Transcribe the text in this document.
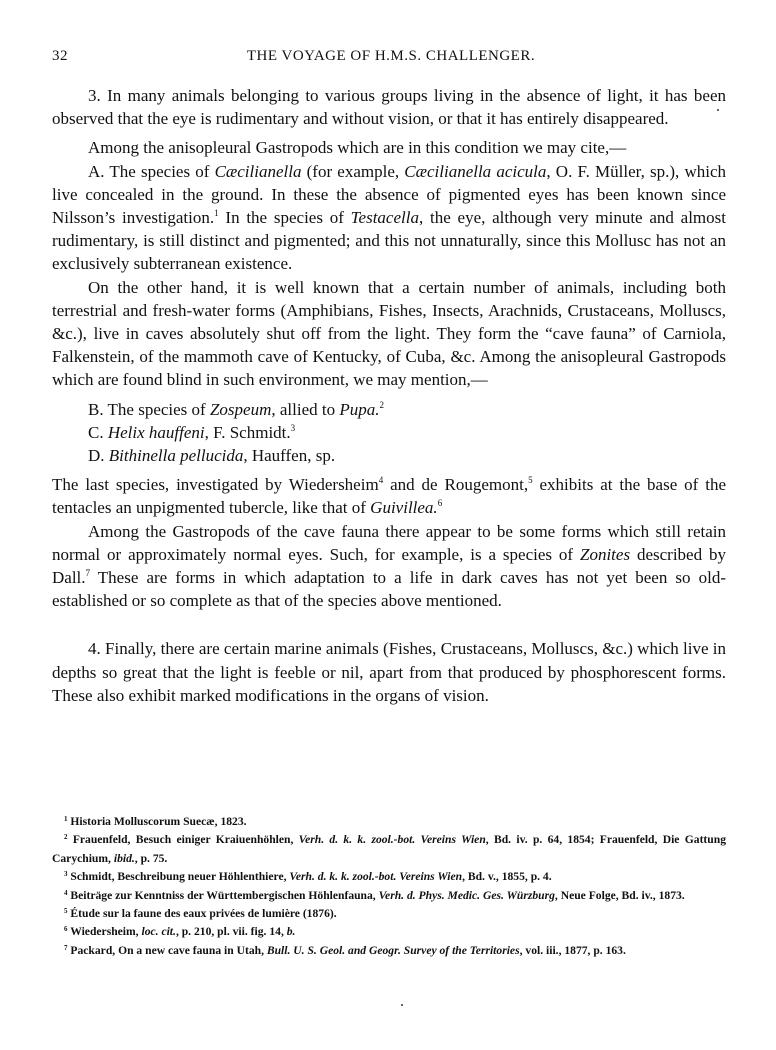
32	THE VOYAGE OF H.M.S. CHALLENGER.

3. In many animals belonging to various groups living in the absence of light, it has been observed that the eye is rudimentary and without vision, or that it has entirely disappeared.

Among the anisopleural Gastropods which are in this condition we may cite,—

A. The species of Cæcilianella (for example, Cæcilianella acicula, O. F. Müller, sp.), which live concealed in the ground. In these the absence of pigmented eyes has been known since Nilsson’s investigation.$^1$ In the species of Testacella, the eye, although very minute and almost rudimentary, is still distinct and pigmented; and this not unnaturally, since this Mollusc has not an exclusively subterranean existence.

On the other hand, it is well known that a certain number of animals, including both terrestrial and fresh-water forms (Amphibians, Fishes, Insects, Arachnids, Crustaceans, Molluscs, &c.), live in caves absolutely shut off from the light. They form the “cave fauna” of Carniola, Falkenstein, of the mammoth cave of Kentucky, of Cuba, &c. Among the anisopleural Gastropods which are found blind in such environment, we may mention,—

B. The species of Zospeum, allied to Pupa.$^2$

C. Helix hauffeni, F. Schmidt.$^3$

D. Bithinella pellucida, Hauffen, sp.

The last species, investigated by Wiedersheim$^4$ and de Rougemont,$^5$ exhibits at the base of the tentacles an unpigmented tubercle, like that of Guivillea.$^6$

Among the Gastropods of the cave fauna there appear to be some forms which still retain normal or approximately normal eyes. Such, for example, is a species of Zonites described by Dall.$^7$ These are forms in which adaptation to a life in dark caves has not yet been so old-established or so complete as that of the species above mentioned.

4. Finally, there are certain marine animals (Fishes, Crustaceans, Molluscs, &c.) which live in depths so great that the light is feeble or nil, apart from that produced by phosphorescent forms. These also exhibit marked modifications in the organs of vision.

$^1$ Historia Molluscorum Suecæ, 1823.

$^2$ Frauenfeld, Besuch einiger Kraiuenhöhlen, Verh. d. k. k. zool.-bot. Vereins Wien, Bd. iv. p. 64, 1854; Frauenfeld, Die Gattung Carychium, ibid., p. 75.

$^3$ Schmidt, Beschreibung neuer Höhlenthiere, Verh. d. k. k. zool.-bot. Vereins Wien, Bd. v., 1855, p. 4.

$^4$ Beiträge zur Kenntniss der Württembergischen Höhlenfauna, Verh. d. Phys. Medic. Ges. Würzburg, Neue Folge, Bd. iv., 1873.

$^5$ Étude sur la faune des eaux privées de lumière (1876).

$^6$ Wiedersheim, loc. cit., p. 210, pl. vii. fig. 14, b.

$^7$ Packard, On a new cave fauna in Utah, Bull. U. S. Geol. and Geogr. Survey of the Territories, vol. iii., 1877, p. 163.
